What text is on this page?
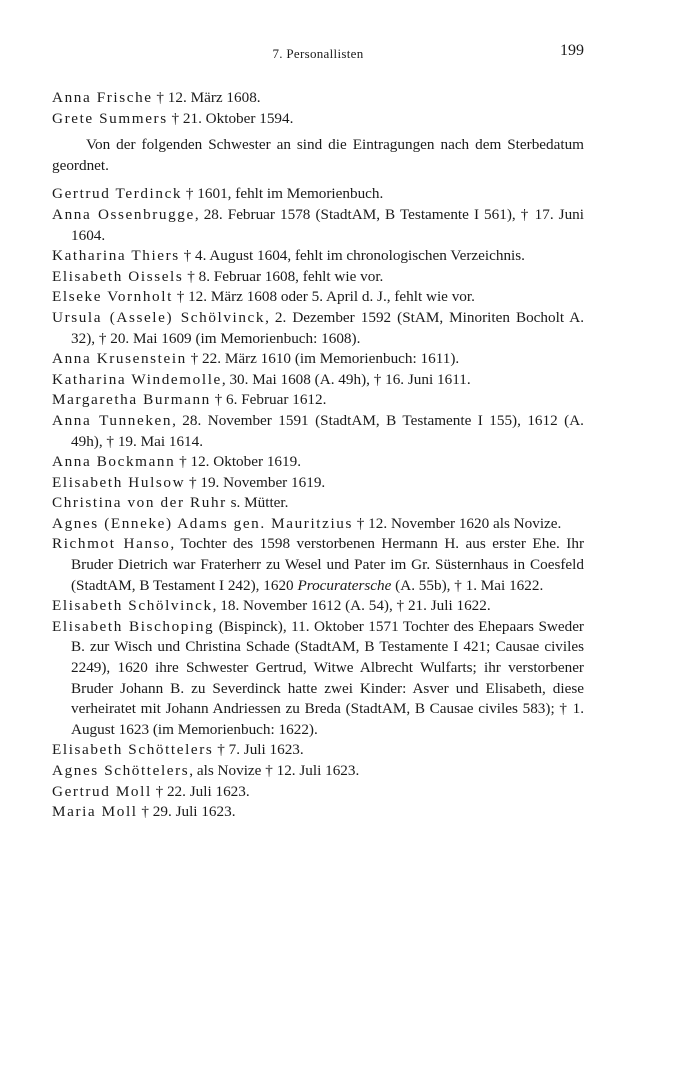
7. Personallisten	199

Anna Frische † 12. März 1608.

Grete Summers † 21. Oktober 1594.

Von der folgenden Schwester an sind die Eintragungen nach dem Sterbedatum geordnet.

Gertrud Terdinck † 1601, fehlt im Memorienbuch.

Anna Ossenbrugge, 28. Februar 1578 (StadtAM, B Testamente I 561), † 17. Juni 1604.

Katharina Thiers † 4. August 1604, fehlt im chronologischen Verzeichnis.

Elisabeth Oissels † 8. Februar 1608, fehlt wie vor.

Elseke Vornholt † 12. März 1608 oder 5. April d. J., fehlt wie vor.

Ursula (Assele) Schölvinck, 2. Dezember 1592 (StAM, Minoriten Bocholt A. 32), † 20. Mai 1609 (im Memorienbuch: 1608).

Anna Krusenstein † 22. März 1610 (im Memorienbuch: 1611).

Katharina Windemolle, 30. Mai 1608 (A. 49h), † 16. Juni 1611.

Margaretha Burmann † 6. Februar 1612.

Anna Tunneken, 28. November 1591 (StadtAM, B Testamente I 155), 1612 (A. 49h), † 19. Mai 1614.

Anna Bockmann † 12. Oktober 1619.

Elisabeth Hulsow † 19. November 1619.

Christina von der Ruhr s. Mütter.

Agnes (Enneke) Adams gen. Mauritzius † 12. November 1620 als Novize.

Richmot Hanso, Tochter des 1598 verstorbenen Hermann H. aus erster Ehe. Ihr Bruder Dietrich war Fraterherr zu Wesel und Pater im Gr. Süsternhaus in Coesfeld (StadtAM, B Testament I 242), 1620 Procuratersche (A. 55b), † 1. Mai 1622.

Elisabeth Schölvinck, 18. November 1612 (A. 54), † 21. Juli 1622.

Elisabeth Bischoping (Bispinck), 11. Oktober 1571 Tochter des Ehepaars Sweder B. zur Wisch und Christina Schade (StadtAM, B Testamente I 421; Causae civiles 2249), 1620 ihre Schwester Gertrud, Witwe Albrecht Wulfarts; ihr verstorbener Bruder Johann B. zu Severdinck hatte zwei Kinder: Asver und Elisabeth, diese verheiratet mit Johann Andriessen zu Breda (StadtAM, B Causae civiles 583); † 1. August 1623 (im Memorienbuch: 1622).

Elisabeth Schöttelers † 7. Juli 1623.

Agnes Schöttelers, als Novize † 12. Juli 1623.

Gertrud Moll † 22. Juli 1623.

Maria Moll † 29. Juli 1623.
